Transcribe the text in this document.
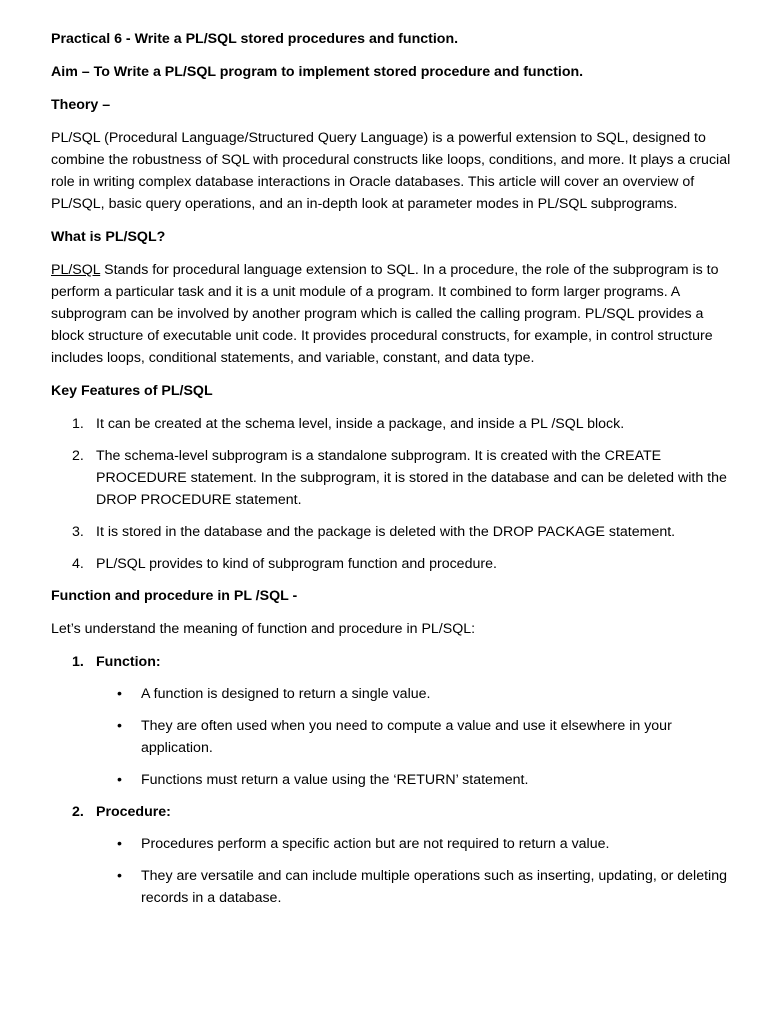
Practical 6 - Write a PL/SQL stored procedures and function.

Aim – To Write a PL/SQL program to implement stored procedure and function.

Theory –

PL/SQL (Procedural Language/Structured Query Language) is a powerful extension to SQL, designed to combine the robustness of SQL with procedural constructs like loops, conditions, and more. It plays a crucial role in writing complex database interactions in Oracle databases. This article will cover an overview of PL/SQL, basic query operations, and an in-depth look at parameter modes in PL/SQL subprograms.

What is PL/SQL?

PL/SQL Stands for procedural language extension to SQL. In a procedure, the role of the subprogram is to perform a particular task and it is a unit module of a program. It combined to form larger programs. A subprogram can be involved by another program which is called the calling program. PL/SQL provides a block structure of executable unit code. It provides procedural constructs, for example, in control structure includes loops, conditional statements, and variable, constant, and data type.

Key Features of PL/SQL

1. It can be created at the schema level, inside a package, and inside a PL /SQL block.
2. The schema-level subprogram is a standalone subprogram. It is created with the CREATE PROCEDURE statement. In the subprogram, it is stored in the database and can be deleted with the DROP PROCEDURE statement.
3. It is stored in the database and the package is deleted with the DROP PACKAGE statement.
4. PL/SQL provides to kind of subprogram function and procedure.

Function and procedure in PL /SQL -

Let’s understand the meaning of function and procedure in PL/SQL:

1. Function:
• A function is designed to return a single value.
• They are often used when you need to compute a value and use it elsewhere in your application.
• Functions must return a value using the ‘RETURN’ statement.
2. Procedure:
• Procedures perform a specific action but are not required to return a value.
• They are versatile and can include multiple operations such as inserting, updating, or deleting records in a database.
